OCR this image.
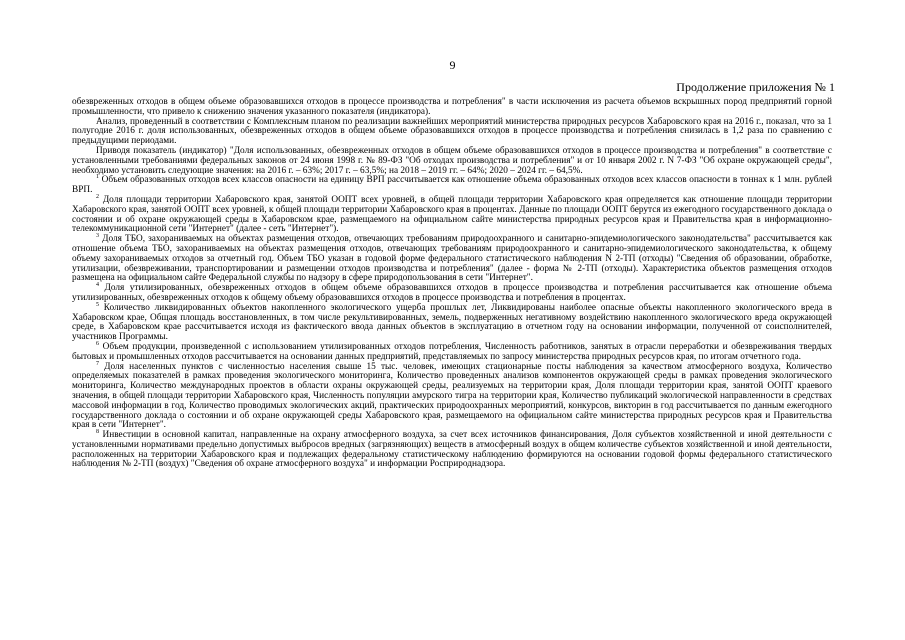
9
Продолжение приложения № 1

обезвреженных отходов в общем объеме образовавшихся отходов в процессе производства и потребления" в части исключения из расчета объемов вскрышных пород предприятий горной промышленности, что привело к снижению значения указанного показателя (индикатора).

Анализ, проведенный в соответствии с Комплексным планом по реализации важнейших мероприятий министерства природных ресурсов Хабаровского края на 2016 г., показал, что за 1 полугодие 2016 г. доля использованных, обезвреженных отходов в общем объеме образовавшихся отходов в процессе производства и потребления снизилась в 1,2 раза по сравнению с предыдущими периодами.

Приводя показатель (индикатор) "Доля использованных, обезвреженных отходов в общем объеме образовавшихся отходов в процессе производства и потребления" в соответствие с установленными требованиями федеральных законов от 24 июня 1998 г. № 89-ФЗ "Об отходах производства и потребления" и от 10 января 2002 г. N 7-ФЗ "Об охране окружающей среды", необходимо установить следующие значения: на 2016 г. – 63%; 2017 г. – 63,5%; на 2018 – 2019 гг. – 64%; 2020 – 2024 гг. – 64,5%.

$^1$ Объем образованных отходов всех классов опасности на единицу ВРП рассчитывается как отношение объема образованных отходов всех классов опасности в тоннах к 1 млн. рублей ВРП.

$^2$ Доля площади территории Хабаровского края, занятой ООПТ всех уровней, в общей площади территории Хабаровского края определяется как отношение площади территории Хабаровского края, занятой ООПТ всех уровней, к общей площади территории Хабаровского края в процентах. Данные по площади ООПТ берутся из ежегодного государственного доклада о состоянии и об охране окружающей среды в Хабаровском крае, размещаемого на официальном сайте министерства природных ресурсов края и Правительства края в информационно-телекоммуникационной сети "Интернет" (далее - сеть "Интернет").

$^3$ Доля ТБО, захораниваемых на объектах размещения отходов, отвечающих требованиям природоохранного и санитарно-эпидемиологического законодательства" рассчитывается как отношение объема ТБО, захораниваемых на объектах размещения отходов, отвечающих требованиям природоохранного и санитарно-эпидемиологического законодательства, к общему объему захораниваемых отходов за отчетный год. Объем ТБО указан в годовой форме федерального статистического наблюдения N 2-ТП (отходы) "Сведения об образовании, обработке, утилизации, обезвреживании, транспортировании и размещении отходов производства и потребления" (далее - форма № 2-ТП (отходы). Характеристика объектов размещения отходов размещена на официальном сайте Федеральной службы по надзору в сфере природопользования в сети "Интернет".

$^4$ Доля утилизированных, обезвреженных отходов в общем объеме образовавшихся отходов в процессе производства и потребления рассчитывается как отношение объема утилизированных, обезвреженных отходов к общему объему образовавшихся отходов в процессе производства и потребления в процентах.

$^5$ Количество ликвидированных объектов накопленного экологического ущерба прошлых лет, Ликвидированы наиболее опасные объекты накопленного экологического вреда в Хабаровском крае, Общая площадь восстановленных, в том числе рекультивированных, земель, подверженных негативному воздействию накопленного экологического вреда окружающей среде, в Хабаровском крае рассчитывается исходя из фактического ввода данных объектов в эксплуатацию в отчетном году на основании информации, полученной от соисполнителей, участников Программы.

$^6$ Объем продукции, произведенной с использованием утилизированных отходов потребления, Численность работников, занятых в отрасли переработки и обезвреживания твердых бытовых и промышленных отходов рассчитывается на основании данных предприятий, представляемых по запросу министерства природных ресурсов края, по итогам отчетного года.

$^7$ Доля населенных пунктов с численностью населения свыше 15 тыс. человек, имеющих стационарные посты наблюдения за качеством атмосферного воздуха, Количество определяемых показателей в рамках проведения экологического мониторинга, Количество проведенных анализов компонентов окружающей среды в рамках проведения экологического мониторинга, Количество международных проектов в области охраны окружающей среды, реализуемых на территории края, Доля площади территории края, занятой ООПТ краевого значения, в общей площади территории Хабаровского края, Численность популяции амурского тигра на территории края, Количество публикаций экологической направленности в средствах массовой информации в год, Количество проводимых экологических акций, практических природоохранных мероприятий, конкурсов, викторин в год рассчитывается по данным ежегодного государственного доклада о состоянии и об охране окружающей среды Хабаровского края, размещаемого на официальном сайте министерства природных ресурсов края и Правительства края в сети "Интернет".

$^8$ Инвестиции в основной капитал, направленные на охрану атмосферного воздуха, за счет всех источников финансирования, Доля субъектов хозяйственной и иной деятельности с установленными нормативами предельно допустимых выбросов вредных (загрязняющих) веществ в атмосферный воздух в общем количестве субъектов хозяйственной и иной деятельности, расположенных на территории Хабаровского края и подлежащих федеральному статистическому наблюдению формируются на основании годовой формы федерального статистического наблюдения № 2-ТП (воздух) "Сведения об охране атмосферного воздуха" и информации Росприроднадзора.
